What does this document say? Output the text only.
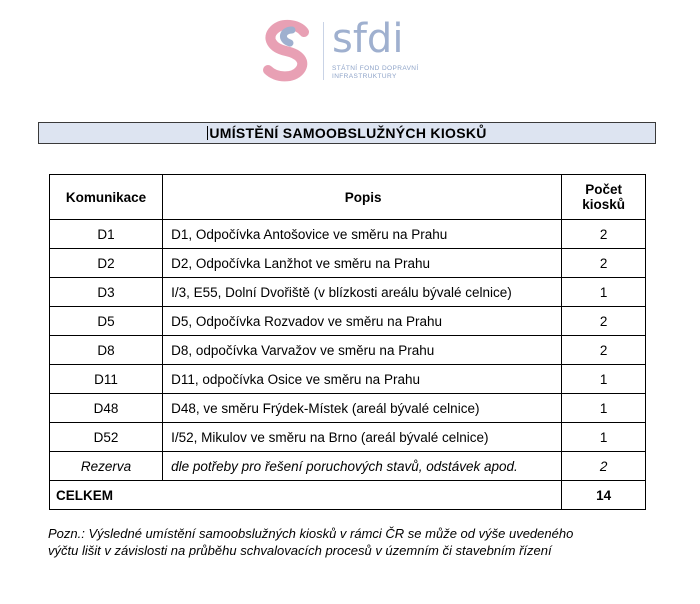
sfdi
STÁTNÍ FOND DOPRAVNÍ
INFRASTRUKTURY
UMÍSTĚNÍ SAMOOBSLUŽNÝCH KIOSKŮ
Komunikace	Popis	Počet
kiosků

D1	D1, Odpočívka Antošovice ve směru na Prahu	2
D2	D2, Odpočívka Lanžhot ve směru na Prahu	2
D3	I/3, E55, Dolní Dvořiště (v blízkosti areálu bývalé celnice)	1
D5	D5, Odpočívka Rozvadov ve směru na Prahu	2
D8	D8, odpočívka Varvažov ve směru na Prahu	2
D11	D11, odpočívka Osice ve směru na Prahu	1
D48	D48, ve směru Frýdek-Místek (areál bývalé celnice)	1
D52	I/52, Mikulov ve směru na Brno (areál bývalé celnice)	1
Rezerva	dle potřeby pro řešení poruchových stavů, odstávek apod.	2
CELKEM		14
Pozn.: Výsledné umístění samoobslužných kiosků v rámci ČR se může od výše uvedeného
výčtu lišit v závislosti na průběhu schvalovacích procesů v územním či stavebním řízení
